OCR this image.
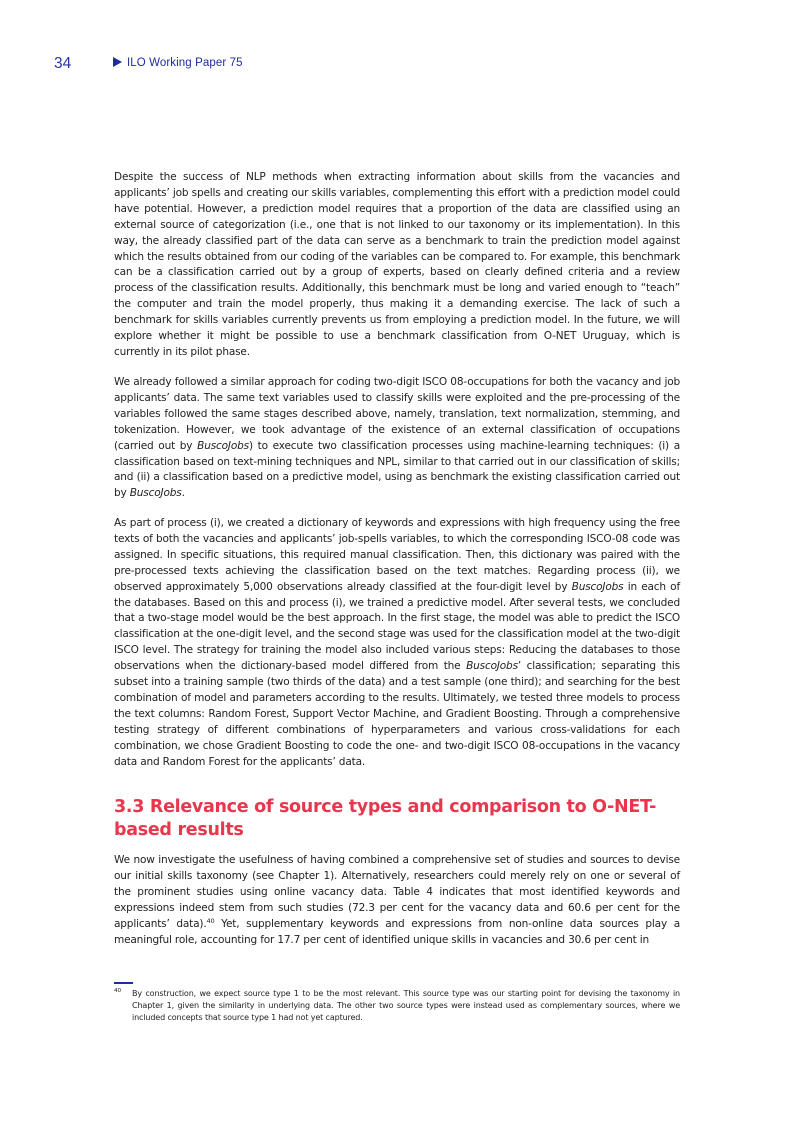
34	ILO Working Paper 75

Despite the success of NLP methods when extracting information about skills from the vacancies and applicants’ job spells and creating our skills variables, complementing this effort with a prediction model could have potential. However, a prediction model requires that a proportion of the data are classified using an external source of categorization (i.e., one that is not linked to our taxonomy or its implementation). In this way, the already classified part of the data can serve as a benchmark to train the prediction model against which the results obtained from our coding of the variables can be compared to. For example, this benchmark can be a classification carried out by a group of experts, based on clearly defined criteria and a review process of the classification results. Additionally, this benchmark must be long and varied enough to “teach” the computer and train the model properly, thus making it a demanding exercise. The lack of such a benchmark for skills variables currently prevents us from employing a prediction model. In the future, we will explore whether it might be possible to use a benchmark classification from O-NET Uruguay, which is currently in its pilot phase.

We already followed a similar approach for coding two-digit ISCO 08-occupations for both the vacancy and job applicants’ data. The same text variables used to classify skills were exploited and the pre-processing of the variables followed the same stages described above, namely, translation, text normalization, stemming, and tokenization. However, we took advantage of the existence of an external classification of occupations (carried out by BuscoJobs) to execute two classification processes using machine-learning techniques: (i) a classification based on text-mining techniques and NPL, similar to that carried out in our classification of skills; and (ii) a classification based on a predictive model, using as benchmark the existing classification carried out by BuscoJobs.

As part of process (i), we created a dictionary of keywords and expressions with high frequency using the free texts of both the vacancies and applicants’ job-spells variables, to which the corresponding ISCO-08 code was assigned. In specific situations, this required manual classification. Then, this dictionary was paired with the pre-processed texts achieving the classification based on the text matches. Regarding process (ii), we observed approximately 5,000 observations already classified at the four-digit level by BuscoJobs in each of the databases. Based on this and process (i), we trained a predictive model. After several tests, we concluded that a two-stage model would be the best approach. In the first stage, the model was able to predict the ISCO classification at the one-digit level, and the second stage was used for the classification model at the two-digit ISCO level. The strategy for training the model also included various steps: Reducing the databases to those observations when the dictionary-based model differed from the BuscoJobs’ classification; separating this subset into a training sample (two thirds of the data) and a test sample (one third); and searching for the best combination of model and parameters according to the results. Ultimately, we tested three models to process the text columns: Random Forest, Support Vector Machine, and Gradient Boosting. Through a comprehensive testing strategy of different combinations of hyperparameters and various cross-validations for each combination, we chose Gradient Boosting to code the one- and two-digit ISCO 08-occupations in the vacancy data and Random Forest for the applicants’ data.

3.3 Relevance of source types and comparison to O-NET-based results

We now investigate the usefulness of having combined a comprehensive set of studies and sources to devise our initial skills taxonomy (see Chapter 1). Alternatively, researchers could merely rely on one or several of the prominent studies using online vacancy data. Table 4 indicates that most identified keywords and expressions indeed stem from such studies (72.3 per cent for the vacancy data and 60.6 per cent for the applicants’ data).$^{40}$ Yet, supplementary keywords and expressions from non-online data sources play a meaningful role, accounting for 17.7 per cent of identified unique skills in vacancies and 30.6 per cent in

40 By construction, we expect source type 1 to be the most relevant. This source type was our starting point for devising the taxonomy in Chapter 1, given the similarity in underlying data. The other two source types were instead used as complementary sources, where we included concepts that source type 1 had not yet captured.
